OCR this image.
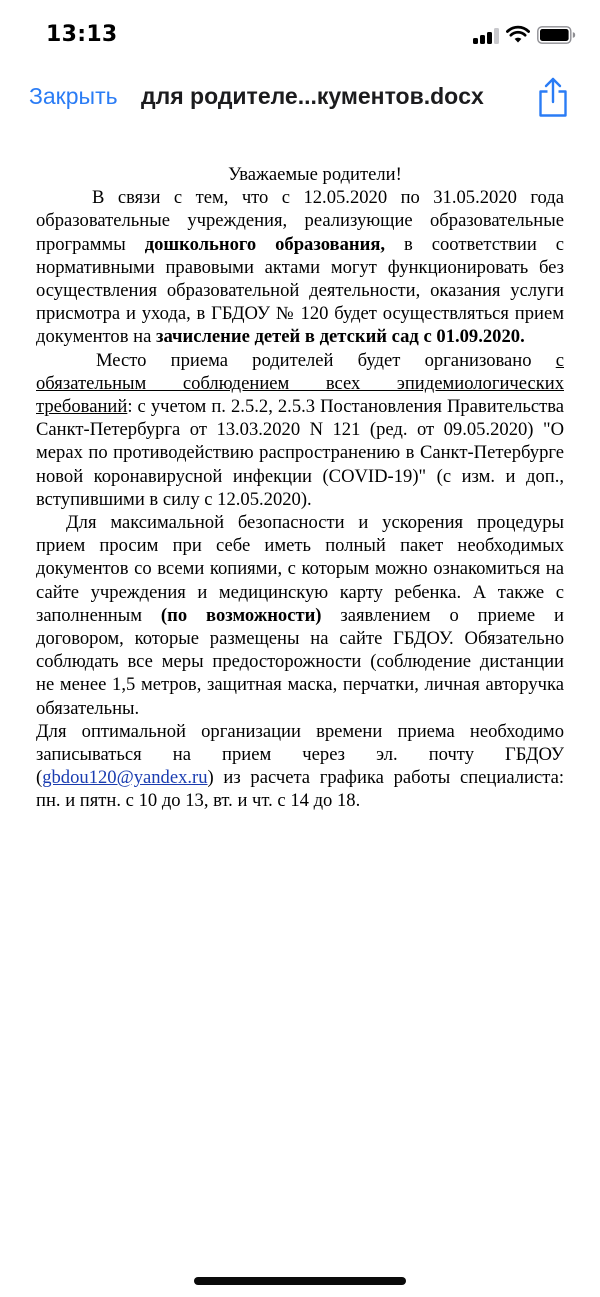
13:13
Закрыть для родителе...кументов.docx

Уважаемые родители!

В связи с тем, что с 12.05.2020 по 31.05.2020 года образовательные учреждения, реализующие образовательные программы дошкольного образования, в соответствии с нормативными правовыми актами могут функционировать без осуществления образовательной деятельности, оказания услуги присмотра и ухода, в ГБДОУ № 120 будет осуществляться прием документов на зачисление детей в детский сад с 01.09.2020.

Место приема родителей будет организовано с обязательным соблюдением всех эпидемиологических требований: с учетом п. 2.5.2, 2.5.3 Постановления Правительства Санкт-Петербурга от 13.03.2020 N 121 (ред. от 09.05.2020) "О мерах по противодействию распространению в Санкт-Петербурге новой коронавирусной инфекции (COVID-19)" (с изм. и доп., вступившими в силу с 12.05.2020).

Для максимальной безопасности и ускорения процедуры прием просим при себе иметь полный пакет необходимых документов со всеми копиями, с которым можно ознакомиться на сайте учреждения и медицинскую карту ребенка. А также с заполненным (по возможности) заявлением о приеме и договором, которые размещены на сайте ГБДОУ. Обязательно соблюдать все меры предосторожности (соблюдение дистанции не менее 1,5 метров, защитная маска, перчатки, личная авторучка обязательны.

Для оптимальной организации времени приема необходимо записываться на прием через эл. почту ГБДОУ (gbdou120@yandex.ru) из расчета графика работы специалиста: пн. и пятн. с 10 до 13, вт. и чт. с 14 до 18.
